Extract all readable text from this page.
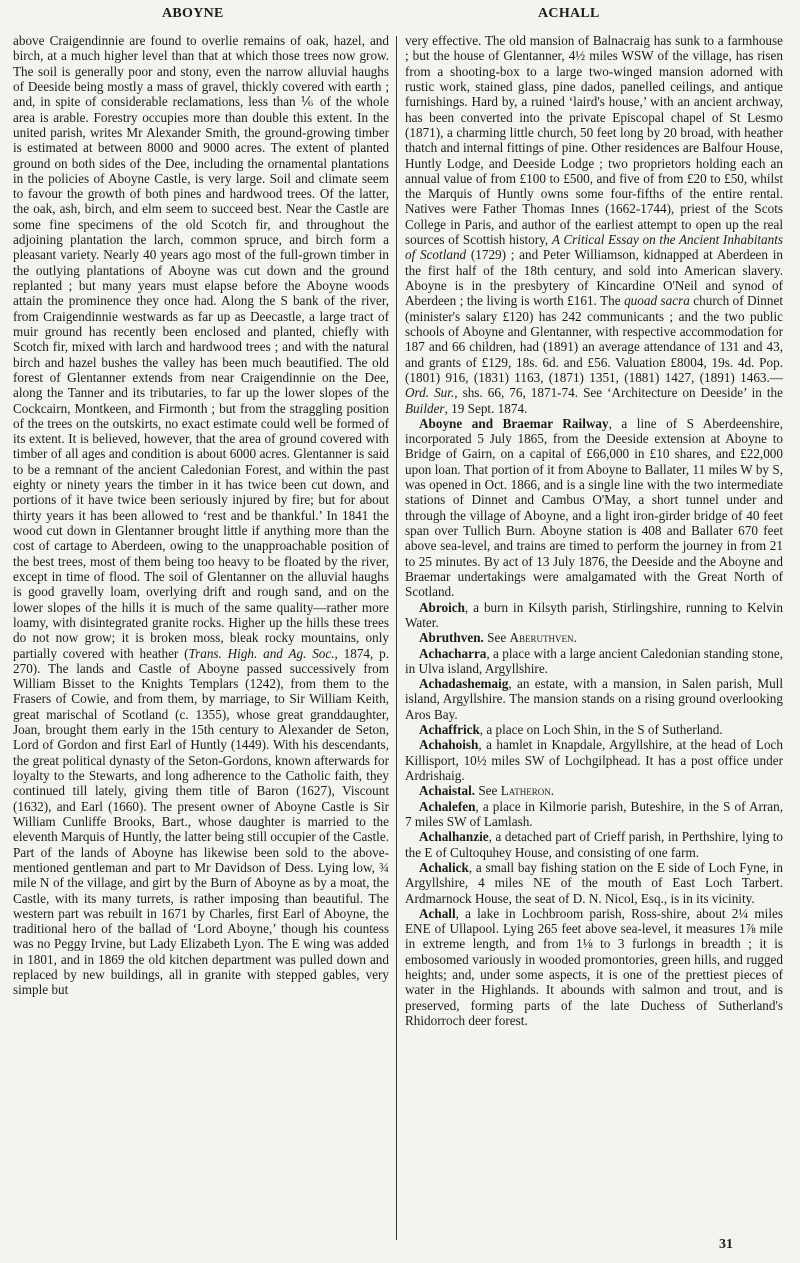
ABOYNE	ACHALL

above Craigendinnie are found to overlie remains of oak, hazel, and birch, at a much higher level than that at which those trees now grow. The soil is generally poor and stony, even the narrow alluvial haughs of Deeside being mostly a mass of gravel, thickly covered with earth ; and, in spite of considerable reclamations, less than ⅙ of the whole area is arable. Forestry occupies more than double this extent. In the united parish, writes Mr Alexander Smith, the ground-growing timber is estimated at between 8000 and 9000 acres. The extent of planted ground on both sides of the Dee, including the ornamental plantations in the policies of Aboyne Castle, is very large. Soil and climate seem to favour the growth of both pines and hardwood trees. Of the latter, the oak, ash, birch, and elm seem to succeed best. Near the Castle are some fine specimens of the old Scotch fir, and throughout the adjoining plantation the larch, common spruce, and birch form a pleasant variety. Nearly 40 years ago most of the full-grown timber in the outlying plantations of Aboyne was cut down and the ground replanted ; but many years must elapse before the Aboyne woods attain the prominence they once had. Along the S bank of the river, from Craigendinnie westwards as far up as Deecastle, a large tract of muir ground has recently been enclosed and planted, chiefly with Scotch fir, mixed with larch and hardwood trees ; and with the natural birch and hazel bushes the valley has been much beautified. The old forest of Glentanner extends from near Craigendinnie on the Dee, along the Tanner and its tributaries, to far up the lower slopes of the Cockcairn, Montkeen, and Firmonth ; but from the straggling position of the trees on the outskirts, no exact estimate could well be formed of its extent. It is believed, however, that the area of ground covered with timber of all ages and condition is about 6000 acres. Glentanner is said to be a remnant of the ancient Caledonian Forest, and within the past eighty or ninety years the timber in it has twice been cut down, and portions of it have twice been seriously injured by fire; but for about thirty years it has been allowed to ‘rest and be thankful.’ In 1841 the wood cut down in Glentanner brought little if anything more than the cost of cartage to Aberdeen, owing to the unapproachable position of the best trees, most of them being too heavy to be floated by the river, except in time of flood. The soil of Glentanner on the alluvial haughs is good gravelly loam, overlying drift and rough sand, and on the lower slopes of the hills it is much of the same quality—rather more loamy, with disintegrated granite rocks. Higher up the hills these trees do not now grow; it is broken moss, bleak rocky mountains, only partially covered with heather (Trans. High. and Ag. Soc., 1874, p. 270). The lands and Castle of Aboyne passed successively from William Bisset to the Knights Templars (1242), from them to the Frasers of Cowie, and from them, by marriage, to Sir William Keith, great marischal of Scotland (c. 1355), whose great granddaughter, Joan, brought them early in the 15th century to Alexander de Seton, Lord of Gordon and first Earl of Huntly (1449). With his descendants, the great political dynasty of the Seton-Gordons, known afterwards for loyalty to the Stewarts, and long adherence to the Catholic faith, they continued till lately, giving them title of Baron (1627), Viscount (1632), and Earl (1660). The present owner of Aboyne Castle is Sir William Cunliffe Brooks, Bart., whose daughter is married to the eleventh Marquis of Huntly, the latter being still occupier of the Castle. Part of the lands of Aboyne has likewise been sold to the above-mentioned gentleman and part to Mr Davidson of Dess. Lying low, ¾ mile N of the village, and girt by the Burn of Aboyne as by a moat, the Castle, with its many turrets, is rather imposing than beautiful. The western part was rebuilt in 1671 by Charles, first Earl of Aboyne, the traditional hero of the ballad of ‘Lord Aboyne,’ though his countess was no Peggy Irvine, but Lady Elizabeth Lyon. The E wing was added in 1801, and in 1869 the old kitchen department was pulled down and replaced by new buildings, all in granite with stepped gables, very simple but

very effective. The old mansion of Balnacraig has sunk to a farmhouse ; but the house of Glentanner, 4½ miles WSW of the village, has risen from a shooting-box to a large two-winged mansion adorned with rustic work, stained glass, pine dados, panelled ceilings, and antique furnishings. Hard by, a ruined ‘laird's house,’ with an ancient archway, has been converted into the private Episcopal chapel of St Lesmo (1871), a charming little church, 50 feet long by 20 broad, with heather thatch and internal fittings of pine. Other residences are Balfour House, Huntly Lodge, and Deeside Lodge ; two proprietors holding each an annual value of from £100 to £500, and five of from £20 to £50, whilst the Marquis of Huntly owns some four-fifths of the entire rental. Natives were Father Thomas Innes (1662-1744), priest of the Scots College in Paris, and author of the earliest attempt to open up the real sources of Scottish history, A Critical Essay on the Ancient Inhabitants of Scotland (1729) ; and Peter Williamson, kidnapped at Aberdeen in the first half of the 18th century, and sold into American slavery. Aboyne is in the presbytery of Kincardine O'Neil and synod of Aberdeen ; the living is worth £161. The quoad sacra church of Dinnet (minister's salary £120) has 242 communicants ; and the two public schools of Aboyne and Glentanner, with respective accommodation for 187 and 66 children, had (1891) an average attendance of 131 and 43, and grants of £129, 18s. 6d. and £56. Valuation £8004, 19s. 4d. Pop. (1801) 916, (1831) 1163, (1871) 1351, (1881) 1427, (1891) 1463.—Ord. Sur., shs. 66, 76, 1871-74. See ‘Architecture on Deeside’ in the Builder, 19 Sept. 1874.

Aboyne and Braemar Railway, a line of S Aberdeenshire, incorporated 5 July 1865, from the Deeside extension at Aboyne to Bridge of Gairn, on a capital of £66,000 in £10 shares, and £22,000 upon loan. That portion of it from Aboyne to Ballater, 11 miles W by S, was opened in Oct. 1866, and is a single line with the two intermediate stations of Dinnet and Cambus O'May, a short tunnel under and through the village of Aboyne, and a light iron-girder bridge of 40 feet span over Tullich Burn. Aboyne station is 408 and Ballater 670 feet above sea-level, and trains are timed to perform the journey in from 21 to 25 minutes. By act of 13 July 1876, the Deeside and the Aboyne and Braemar undertakings were amalgamated with the Great North of Scotland.

Abroich, a burn in Kilsyth parish, Stirlingshire, running to Kelvin Water.

Abruthven. See Aberuthven.

Achacharra, a place with a large ancient Caledonian standing stone, in Ulva island, Argyllshire.

Achadashemaig, an estate, with a mansion, in Salen parish, Mull island, Argyllshire. The mansion stands on a rising ground overlooking Aros Bay.

Achaffrick, a place on Loch Shin, in the S of Sutherland.

Achahoish, a hamlet in Knapdale, Argyllshire, at the head of Loch Killisport, 10½ miles SW of Lochgilphead. It has a post office under Ardrishaig.

Achaistal. See Latheron.

Achalefen, a place in Kilmorie parish, Buteshire, in the S of Arran, 7 miles SW of Lamlash.

Achalhanzie, a detached part of Crieff parish, in Perthshire, lying to the E of Cultoquhey House, and consisting of one farm.

Achalick, a small bay fishing station on the E side of Loch Fyne, in Argyllshire, 4 miles NE of the mouth of East Loch Tarbert. Ardmarnock House, the seat of D. N. Nicol, Esq., is in its vicinity.

Achall, a lake in Lochbroom parish, Ross-shire, about 2¼ miles ENE of Ullapool. Lying 265 feet above sea-level, it measures 1⅞ mile in extreme length, and from 1⅛ to 3 furlongs in breadth ; it is embosomed variously in wooded promontories, green hills, and rugged heights; and, under some aspects, it is one of the prettiest pieces of water in the Highlands. It abounds with salmon and trout, and is preserved, forming parts of the late Duchess of Sutherland's Rhidorroch deer forest.

31
